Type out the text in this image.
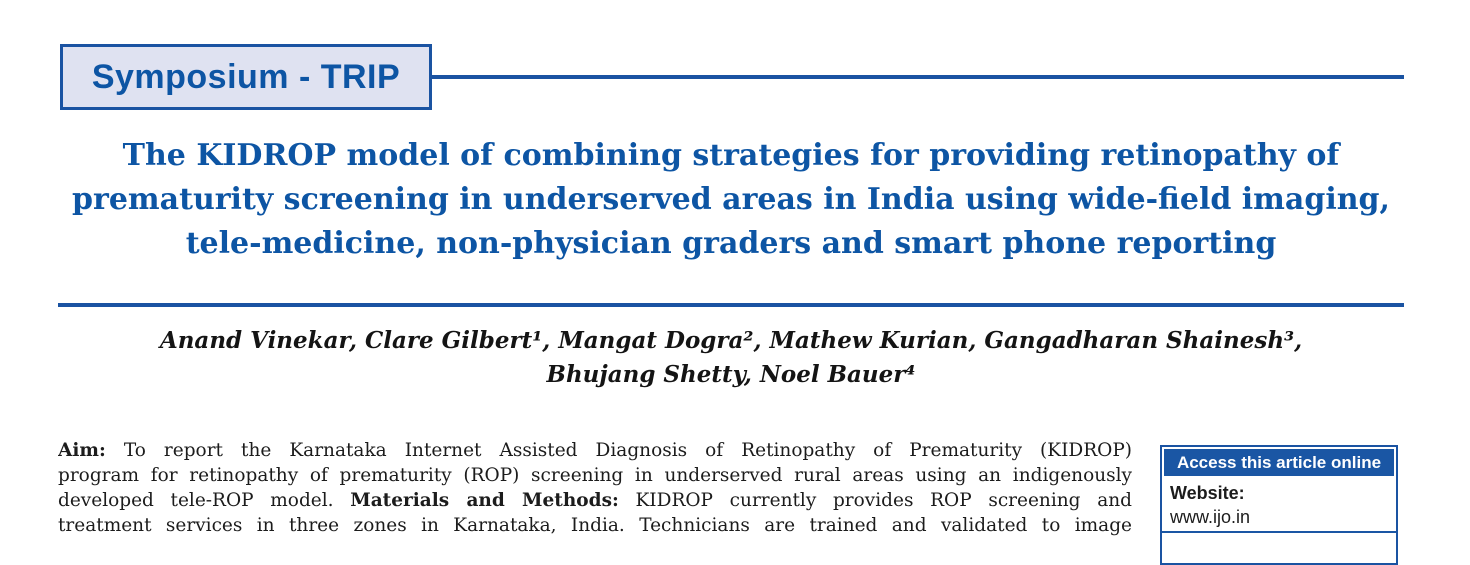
Symposium - TRIP
The KIDROP model of combining strategies for providing retinopathy of
prematurity screening in underserved areas in India using wide-field imaging,
tele-medicine, non-physician graders and smart phone reporting
Anand Vinekar, Clare Gilbert¹, Mangat Dogra², Mathew Kurian, Gangadharan Shainesh³,
Bhujang Shetty, Noel Bauer⁴
Aim: To report the Karnataka Internet Assisted Diagnosis of Retinopathy of Prematurity (KIDROP)
program for retinopathy of prematurity (ROP) screening in underserved rural areas using an indigenously
developed tele-ROP model. Materials and Methods: KIDROP currently provides ROP screening and
treatment services in three zones in Karnataka, India. Technicians are trained and validated to image
Access this article online
Website:
www.ijo.in
